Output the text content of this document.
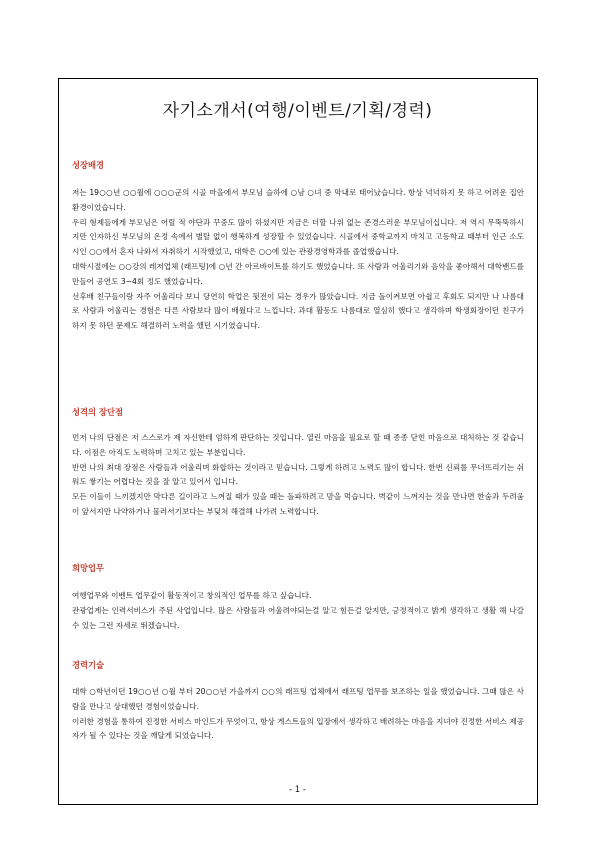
자기소개서(여행/이벤트/기획/경력)
성장배경

저는 19○○년 ○○월에 ○○○군의 시골 마을에서 부모님 슬하에 ○남 ○녀 중 막내로 태어났습니다. 항상 넉넉하지 못 하고 어려운 집안 환경이었습니다.

우리 형제들에게 부모님은 어릴 적 야단과 꾸중도 많이 하셨지만 지금은 더할 나위 없는 존경스러운 부모님이십니다. 저 역시 무뚝뚝하시지만 인자하신 부모님의 온정 속에서 별탈 없이 행복하게 성장할 수 있었습니다. 시골에서 중학교까지 마치고 고등학교 때부터 인근 소도시인 ○○에서 혼자 나와서 자취하기 시작했었고, 대학은 ○○에 있는 관광경영학과를 졸업했습니다.

대학시절에는 ○○강의 레저업체 (래프팅)에 ○년 간 아르바이트를 하기도 했었습니다. 또 사람과 어울리기와 음악을 좋아해서 대학밴드를 만들어 공연도 3~4회 정도 했었습니다.

선후배 친구들이랑 자주 어울리다 보니 당연히 학업은 뒷전이 되는 경우가 많았습니다. 지금 돌이켜보면 아쉽고 후회도 되지만 나 나름대로 사람과 어울리는 경험은 다른 사람보다 많이 배웠다고 느낍니다. 과대 활동도 나름대로 열심히 했다고 생각하며 학생회장이던 친구가 하지 못 하던 문제도 해결하러 노력을 했던 시기였습니다.

성격의 장단점

먼저 나의 단점은 저 스스로가 제 자신한테 엄하게 판단하는 것입니다. 열린 마음을 필요로 할 때 종종 닫힌 마음으로 대처하는 것 같습니다. 이점은 아직도 노력하며 고치고 있는 부분입니다.

반면 나의 최대 장점은 사람들과 어울리며 화합하는 것이라고 믿습니다. 그렇게 하려고 노력도 많이 합니다. 한번 신뢰를 무너뜨리기는 쉬워도 쌓기는 어렵다는 것을 잘 알고 있어서 입니다.

모든 이들이 느끼겠지만 막다른 길이라고 느껴질 때가 있을 때는 돌파하려고 맘을 먹습니다. 벽같이 느껴지는 것을 만나면 한숨과 두려움이 앞서지만 나약하거나 물러서기보다는 부딪쳐 해결해 나가려 노력합니다.

희망업무

여행업무와 이벤트 업무같이 활동적이고 창의적인 업무를 하고 싶습니다.

관광업계는 인력서비스가 주된 사업입니다. 많은 사람들과 어울려야되는걸 알고 힘든걸 알지만, 긍정적이고 밝게 생각하고 생활 해 나갈 수 있는 그런 자세로 뛰겠습니다.

경력기술

대학 ○학년이던 19○○년 ○월 부터 20○○년 가을까지 ○○의 래프팅 업체에서 래프팅 업무를 보조하는 일을 했었습니다. 그때 많은 사람을 만나고 상대했던 경험이었습니다.

이러한 경험을 통하여 진정한 서비스 마인드가 무엇이고, 항상 게스트들의 입장에서 생각하고 배려하는 마음을 지녀야 진정한 서비스 제공자가 될 수 있다는 것을 깨달게 되었습니다.

- 1 -
